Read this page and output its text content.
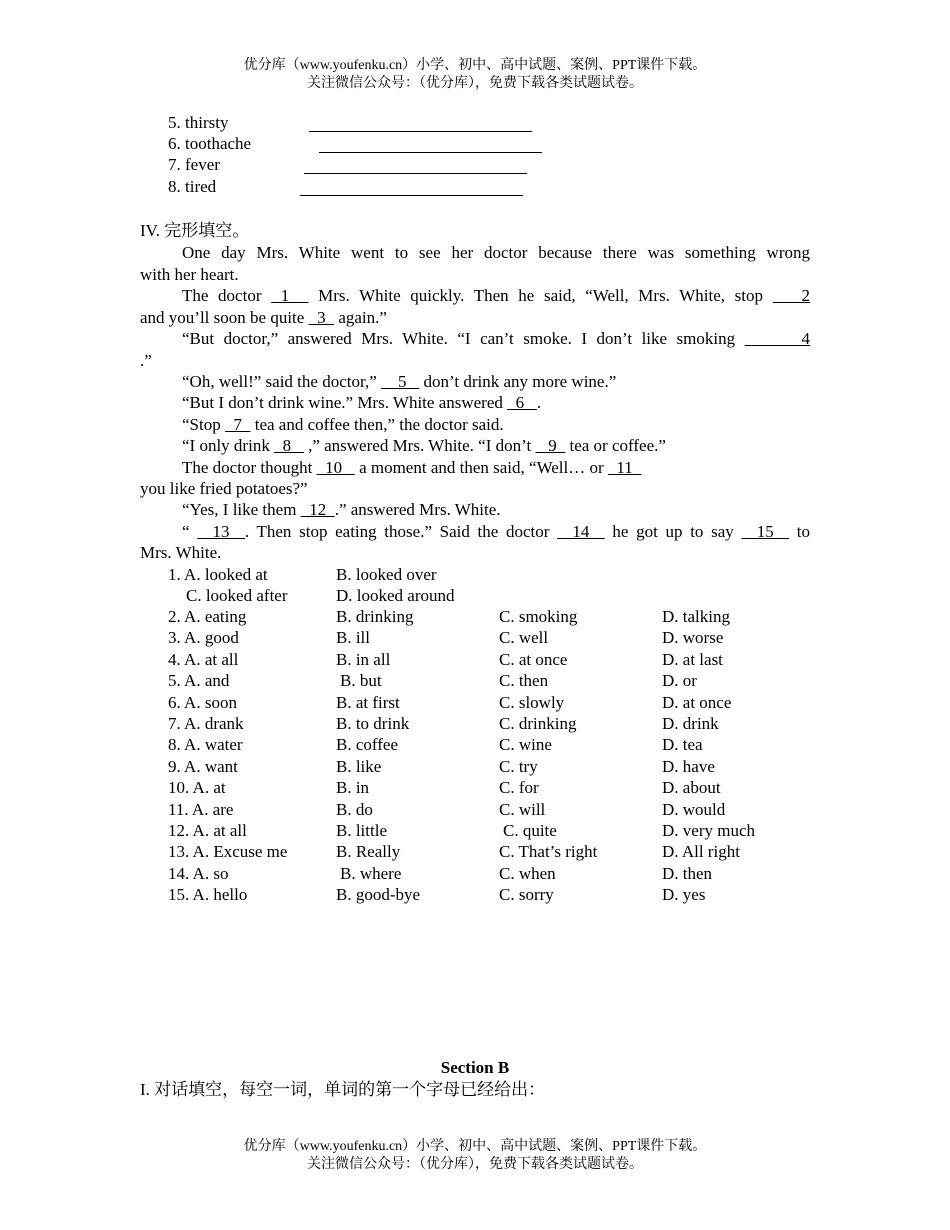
优分库（www.youfenku.cn）小学、初中、高中试题、案例、PPT课件下载。
关注微信公众号：（优分库），免费下载各类试题试卷。
5. thirsty
6. toothache
7. fever
8. tired
IV. 完形填空。
One day Mrs. White went to see her doctor because there was something wrong
with her heart.
The doctor  1   Mrs. White quickly. Then he said, “Well, Mrs. White, stop    2
and you’ll soon be quite   3   again.”
“But doctor,” answered Mrs. White. “I can’t smoke. I don’t like smoking       4
.”
“Oh, well!” said the doctor,”     5    don’t drink any more wine.”
“But I don’t drink wine.” Mrs. White answered   6   .
“Stop   7   tea and coffee then,” the doctor said.
“I only drink   8    ,” answered Mrs. White. “I don’t    9   tea or coffee.”
The doctor thought   10    a moment and then said, “Well… or   11
you like fried potatoes?”
“Yes, I like them   12  .” answered Mrs. White.
“   13  . Then stop eating those.” Said the doctor   14   he got up to say   15   to
Mrs. White.
1. A. looked at	B. looked over
C. looked after	D. looked around
2. A. eating	B. drinking	C. smoking	D. talking
3. A. good	B. ill	C. well	D. worse
4. A. at all	B. in all	C. at once	D. at last
5. A. and	B. but	C. then	D. or
6. A. soon	B. at first	C. slowly	D. at once
7. A. drank	B. to drink	C. drinking	D. drink
8. A. water	B. coffee	C. wine	D. tea
9. A. want	B. like	C. try	D. have
10. A. at	B. in	C. for	D. about
11. A. are	B. do	C. will	D. would
12. A. at all	B. little	C. quite	D. very much
13. A. Excuse me	B. Really	C. That’s right	D. All right
14. A. so	B. where	C. when	D. then
15. A. hello	B. good-bye	C. sorry	D. yes
Section B
I. 对话填空，每空一词，单词的第一个字母已经给出：
优分库（www.youfenku.cn）小学、初中、高中试题、案例、PPT课件下载。
关注微信公众号：（优分库），免费下载各类试题试卷。
